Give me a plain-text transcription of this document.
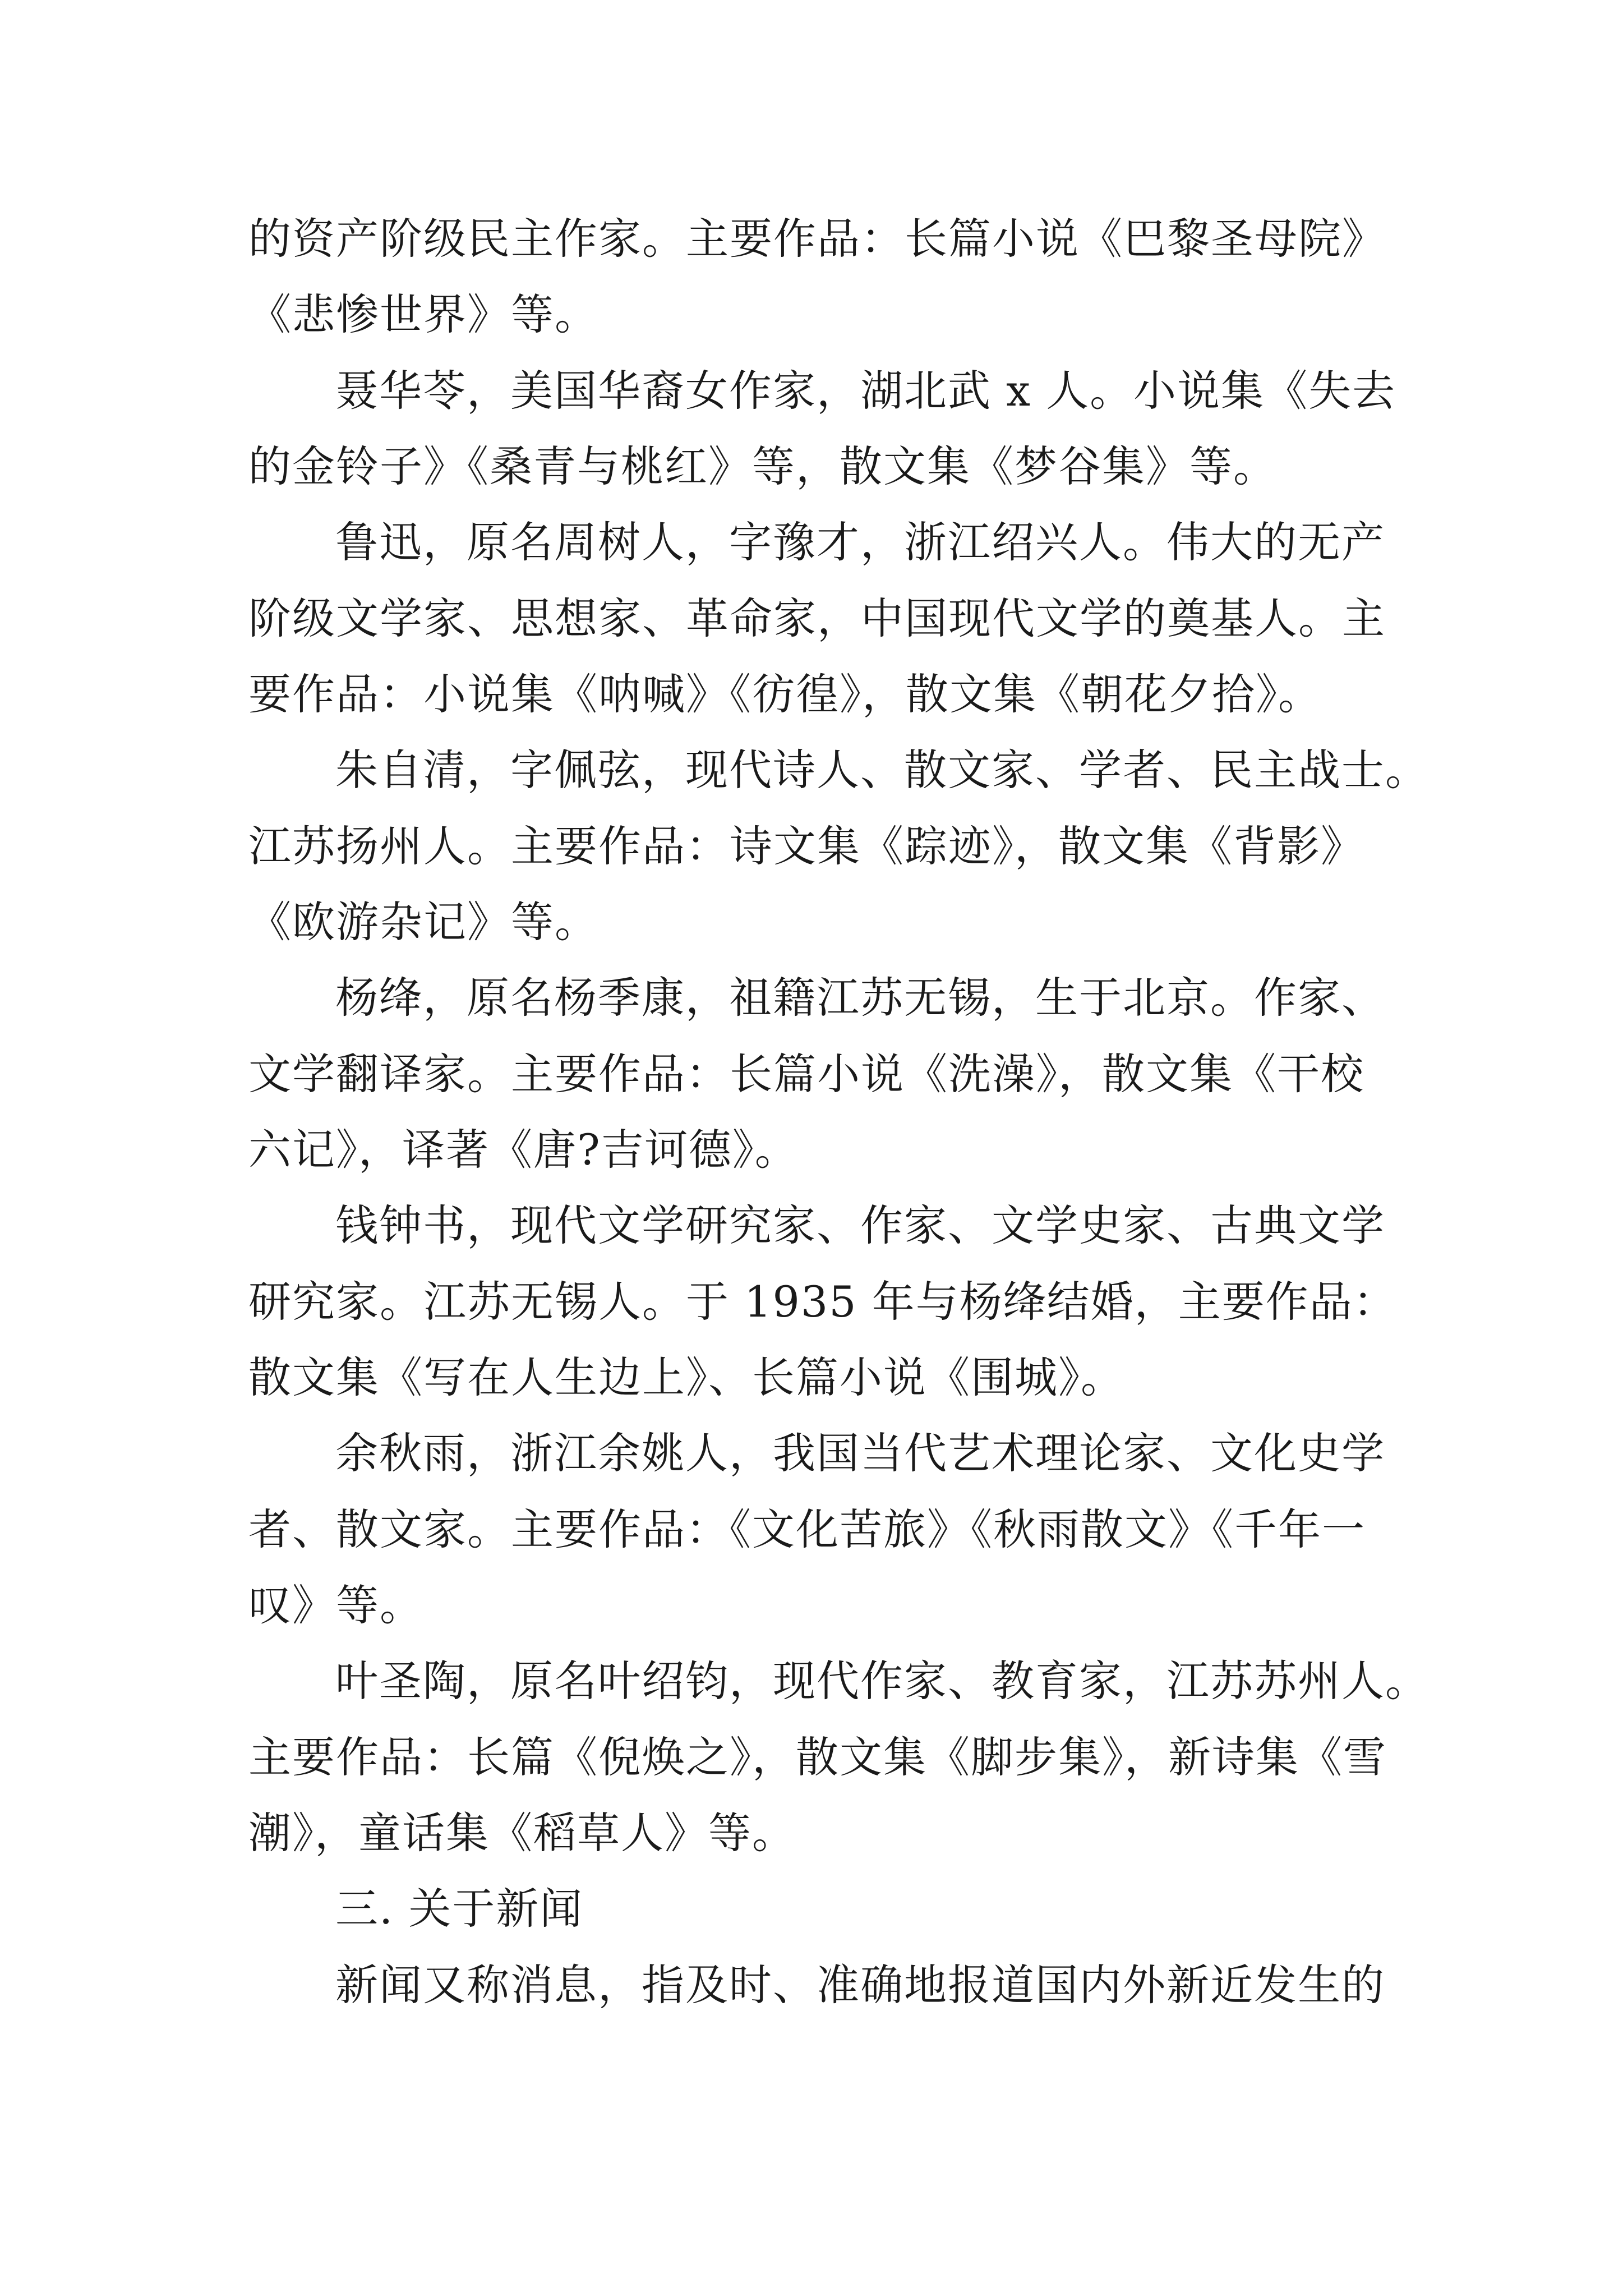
的资产阶级民主作家。主要作品：长篇小说《巴黎圣母院》
《悲惨世界》等。
聂华苓，美国华裔女作家，湖北武 x 人。小说集《失去
的金铃子》《桑青与桃红》等，散文集《梦谷集》等。
鲁迅，原名周树人，字豫才，浙江绍兴人。伟大的无产
阶级文学家、思想家、革命家，中国现代文学的奠基人。主
要作品：小说集《呐喊》《彷徨》，散文集《朝花夕拾》。
朱自清，字佩弦，现代诗人、散文家、学者、民主战士。
江苏扬州人。主要作品：诗文集《踪迹》，散文集《背影》
《欧游杂记》等。
杨绛，原名杨季康，祖籍江苏无锡，生于北京。作家、
文学翻译家。主要作品：长篇小说《洗澡》，散文集《干校
六记》，译著《唐?吉诃德》。
钱钟书，现代文学研究家、作家、文学史家、古典文学
研究家。江苏无锡人。于 1935 年与杨绛结婚，主要作品：
散文集《写在人生边上》、长篇小说《围城》。
余秋雨，浙江余姚人，我国当代艺术理论家、文化史学
者、散文家。主要作品：《文化苦旅》《秋雨散文》《千年一
叹》等。
叶圣陶，原名叶绍钧，现代作家、教育家，江苏苏州人。
主要作品：长篇《倪焕之》，散文集《脚步集》，新诗集《雪
潮》，童话集《稻草人》等。
三. 关于新闻
新闻又称消息，指及时、准确地报道国内外新近发生的
